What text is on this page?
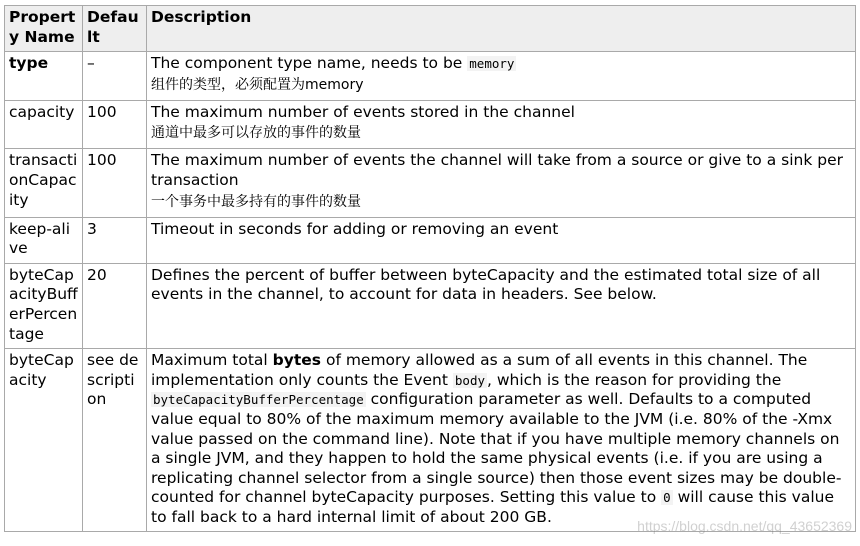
Property Name	Default	Description
type	–	The component type name, needs to be memory
组件的类型，必须配置为memory

capacity	100	The maximum number of events stored in the channel
通道中最多可以存放的事件的数量

transactionCapacity	100	The maximum number of events the channel will take from a source or give to a sink per transaction
一个事务中最多持有的事件的数量

keep-alive	3	Timeout in seconds for adding or removing an event
byteCapacityBufferPercentage	20	Defines the percent of buffer between byteCapacity and the estimated total size of all events in the channel, to account for data in headers. See below.
byteCapacity	see description	Maximum total bytes of memory allowed as a sum of all events in this channel. The implementation only counts the Event body , which is the reason for providing the byteCapacityBufferPercentage configuration parameter as well. Defaults to a computed value equal to 80% of the maximum memory available to the JVM (i.e. 80% of the -Xmx value passed on the command line). Note that if you have multiple memory channels on a single JVM, and they happen to hold the same physical events (i.e. if you are using a replicating channel selector from a single source) then those event sizes may be double-counted for channel byteCapacity purposes. Setting this value to 0 will cause this value to fall back to a hard internal limit of about 200 GB.
https://blog.csdn.net/qq_43652369
